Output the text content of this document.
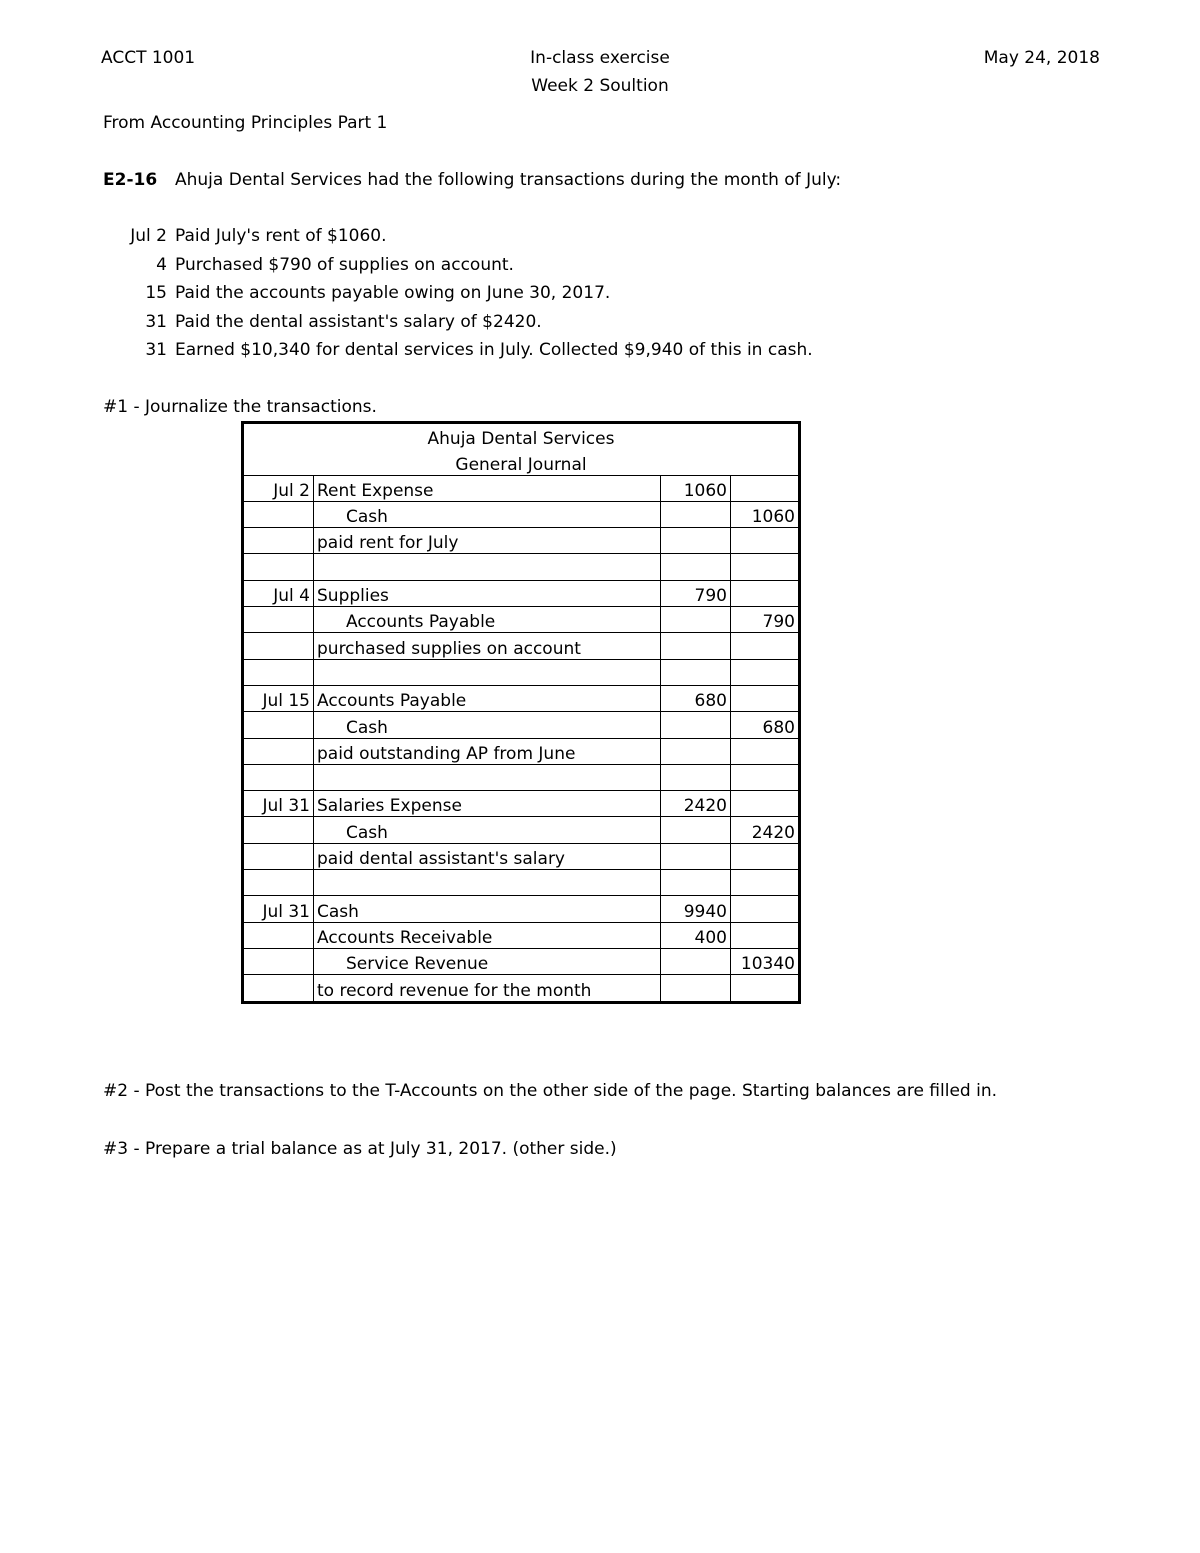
ACCT 1001	In-class exercise
Week 2 Soultion
May 24, 2018
From Accounting Principles Part 1
E2-16 Ahuja Dental Services had the following transactions during the month of July:
Jul 2 Paid July's rent of $1060.
4 Purchased $790 of supplies on account.
15 Paid the accounts payable owing on June 30, 2017.
31 Paid the dental assistant's salary of $2420.
31 Earned $10,340 for dental services in July. Collected $9,940 of this in cash.
#1 - Journalize the transactions.
Ahuja Dental Services			
General Journal			
Jul 2	Rent Expense	1060	
	Cash		1060
	paid rent for July		

Jul 4	Supplies	790	
	Accounts Payable		790
	purchased supplies on account		

Jul 15	Accounts Payable	680	
	Cash		680
	paid outstanding AP from June		

Jul 31	Salaries Expense	2420	
	Cash		2420
	paid dental assistant's salary		

Jul 31	Cash	9940	
	Accounts Receivable	400	
	Service Revenue		10340
	to record revenue for the month		
#2 - Post the transactions to the T-Accounts on the other side of the page. Starting balances are filled in.
#3 - Prepare a trial balance as at July 31, 2017. (other side.)
